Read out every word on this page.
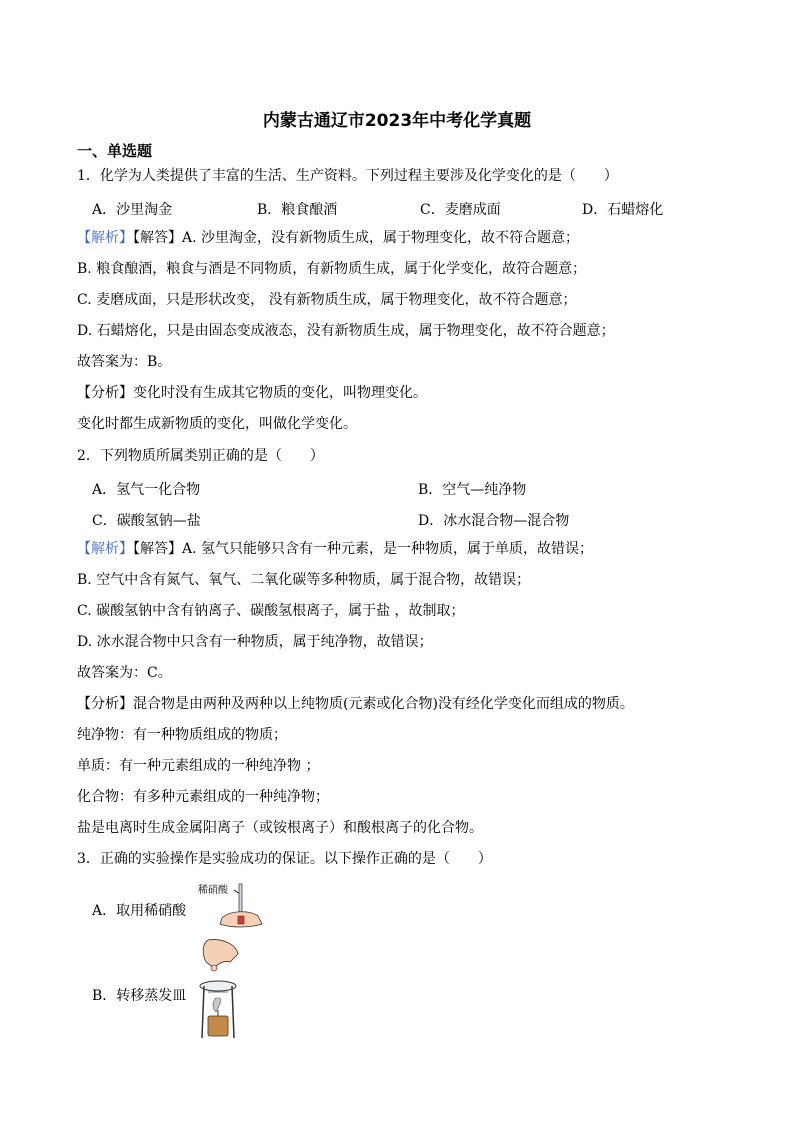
内蒙古通辽市2023年中考化学真题
一、单选题
1．化学为人类提供了丰富的生活、生产资料。下列过程主要涉及化学变化的是（　　）
A．沙里淘金	B．粮食酿酒	C．麦磨成面	D．石蜡熔化
【解析】【解答】A. 沙里淘金，没有新物质生成，属于物理变化，故不符合题意；
B. 粮食酿酒，粮食与酒是不同物质，有新物质生成，属于化学变化，故符合题意；
C. 麦磨成面，只是形状改变， 没有新物质生成，属于物理变化，故不符合题意；
D. 石蜡熔化，只是由固态变成液态，没有新物质生成，属于物理变化，故不符合题意；
故答案为：B。
【分析】变化时没有生成其它物质的变化，叫物理变化。
变化时都生成新物质的变化，叫做化学变化。
2．下列物质所属类别正确的是（　　）
A．氢气一化合物	B．空气—纯净物
C．碳酸氢钠—盐	D．冰水混合物—混合物
【解析】【解答】A. 氢气只能够只含有一种元素，是一种物质，属于单质，故错误；
B. 空气中含有氮气、氧气、二氧化碳等多种物质，属于混合物，故错误；
C. 碳酸氢钠中含有钠离子、碳酸氢根离子，属于盐 ，故制取；
D. 冰水混合物中只含有一种物质，属于纯净物，故错误；
故答案为：C。
【分析】混合物是由两种及两种以上纯物质(元素或化合物)没有经化学变化而组成的物质。
纯净物：有一种物质组成的物质；
单质：有一种元素组成的一种纯净物 ；
化合物：有多种元素组成的一种纯净物；
盐是电离时生成金属阳离子（或铵根离子）和酸根离子的化合物。
3．正确的实验操作是实验成功的保证。以下操作正确的是（　　）
A．取用稀硝酸
稀硝酸
B．转移蒸发皿
